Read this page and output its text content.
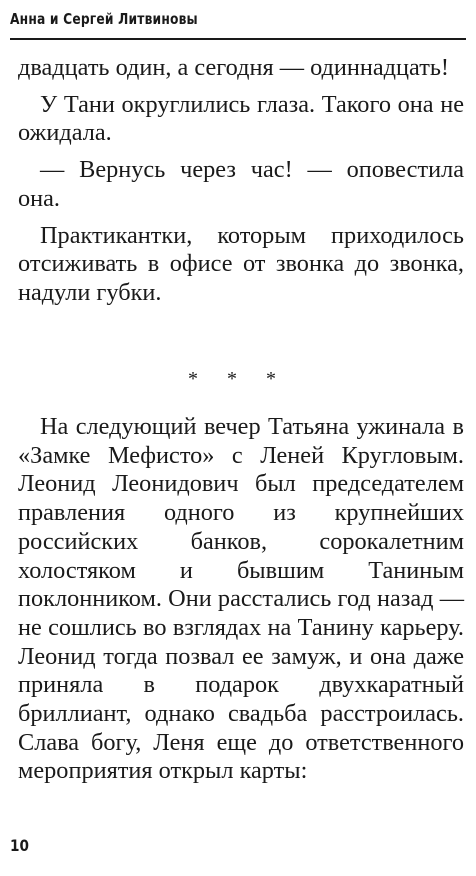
Анна и Сергей Литвиновы

двадцать один, а сегодня — одиннадцать!

У Тани округлились глаза. Такого она не ожидала.

— Вернусь через час! — оповестила она.

Практикантки, которым приходилось отсиживать в офисе от звонка до звонка, надули губки.

* * *

На следующий вечер Татьяна ужинала в «Замке Мефисто» с Леней Кругловым. Леонид Леонидович был председателем правления одного из крупнейших российских банков, сорокалетним холостяком и бывшим Таниным поклонником. Они расстались год назад — не сошлись во взглядах на Танину карьеру. Леонид тогда позвал ее замуж, и она даже приняла в подарок двухкаратный бриллиант, однако свадьба расстроилась. Слава богу, Леня еще до ответственного мероприятия открыл карты:

10
